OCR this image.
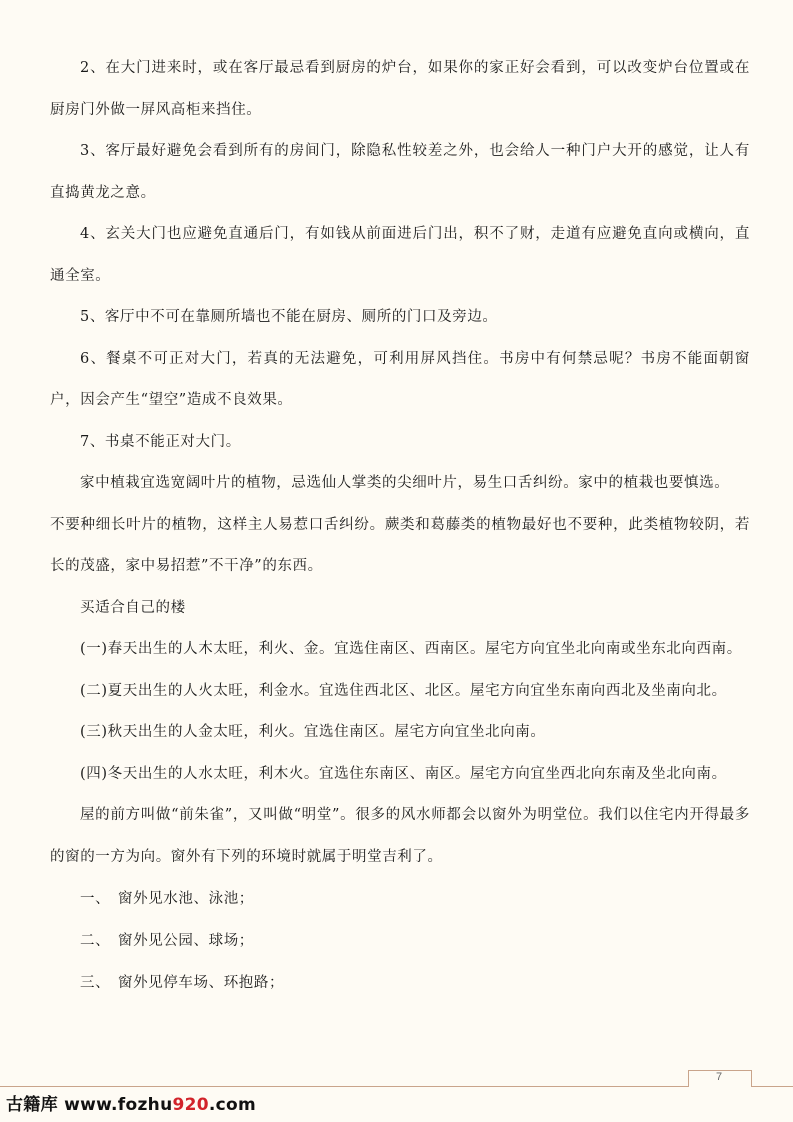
2、在大门进来时，或在客厅最忌看到厨房的炉台，如果你的家正好会看到，可以改变炉台位置或在厨房门外做一屏风高柜来挡住。

3、客厅最好避免会看到所有的房间门，除隐私性较差之外，也会给人一种门户大开的感觉，让人有直捣黄龙之意。

4、玄关大门也应避免直通后门，有如钱从前面进后门出，积不了财，走道有应避免直向或横向，直通全室。

5、客厅中不可在靠厕所墙也不能在厨房、厕所的门口及旁边。

6、餐桌不可正对大门，若真的无法避免，可利用屏风挡住。书房中有何禁忌呢？书房不能面朝窗户，因会产生“望空”造成不良效果。

7、书桌不能正对大门。

家中植栽宜选宽阔叶片的植物，忌选仙人掌类的尖细叶片，易生口舌纠纷。家中的植栽也要慎选。

不要种细长叶片的植物，这样主人易惹口舌纠纷。蕨类和葛藤类的植物最好也不要种，此类植物较阴，若长的茂盛，家中易招惹”不干净”的东西。

买适合自己的楼

(一)春天出生的人木太旺，利火、金。宜选住南区、西南区。屋宅方向宜坐北向南或坐东北向西南。

(二)夏天出生的人火太旺，利金水。宜选住西北区、北区。屋宅方向宜坐东南向西北及坐南向北。

(三)秋天出生的人金太旺，利火。宜选住南区。屋宅方向宜坐北向南。

(四)冬天出生的人水太旺，利木火。宜选住东南区、南区。屋宅方向宜坐西北向东南及坐北向南。

屋的前方叫做“前朱雀”，又叫做“明堂”。很多的风水师都会以窗外为明堂位。我们以住宅内开得最多的窗的一方为向。窗外有下列的环境时就属于明堂吉利了。

一、 窗外见水池、泳池；
二、 窗外见公园、球场；
三、 窗外见停车场、环抱路；
7
古籍库 www.fozhu920.com
